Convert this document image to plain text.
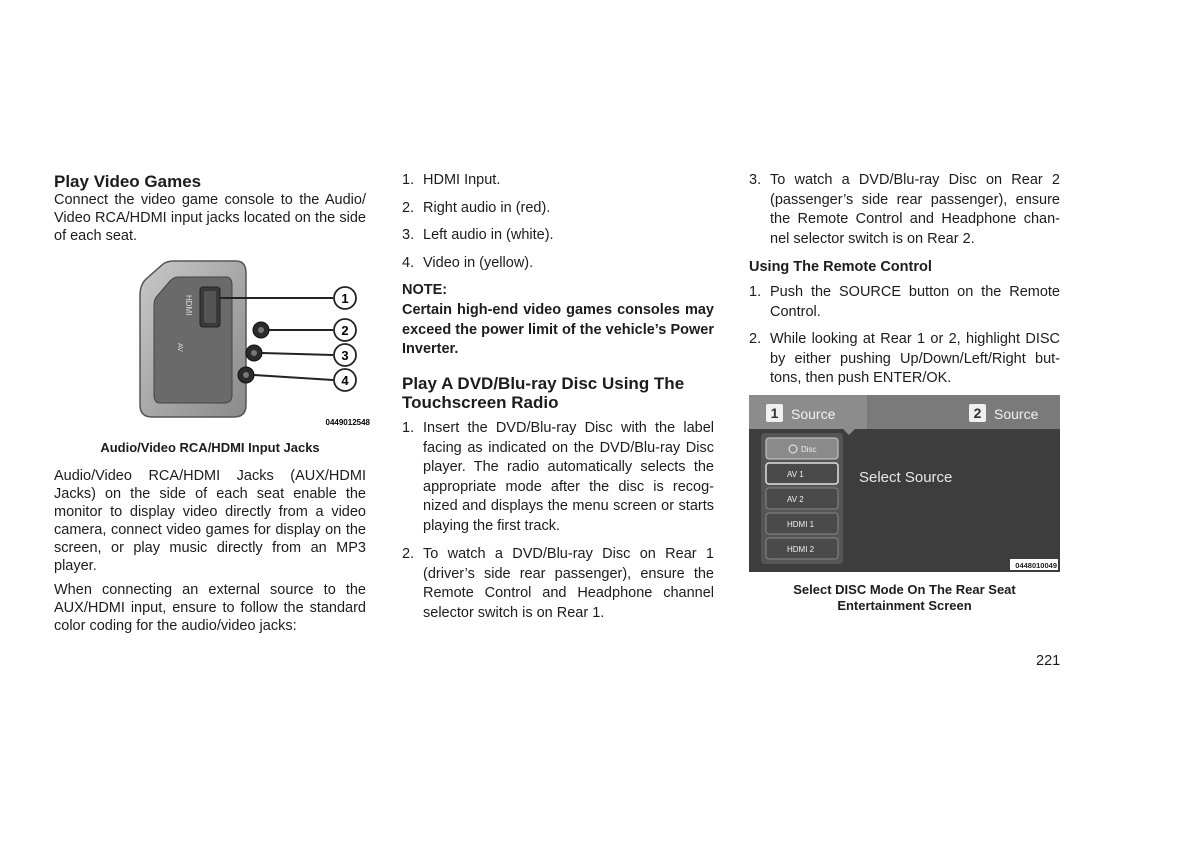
Play Video Games

Connect the video game console to the Audio/ Video RCA/HDMI input jacks located on the side of each seat.

1
2
3
4
HDMI
AV
0449012548
Audio/Video RCA/HDMI Input Jacks

Audio/Video RCA/HDMI Jacks (AUX/HDMI Jacks) on the side of each seat enable the monitor to display video directly from a video camera, connect video games for display on the screen, or play music directly from an MP3 player.

When connecting an external source to the AUX/HDMI input, ensure to follow the standard color coding for the audio/video jacks:

1. HDMI Input.
2. Right audio in (red).
3. Left audio in (white).
4. Video in (yellow).
NOTE:

Certain high-end video games consoles may exceed the power limit of the vehicle’s Power Inverter.

Play A DVD/Blu-ray Disc Using The
Touchscreen Radio
1. Insert the DVD/Blu-ray Disc with the label facing as indicated on the DVD/Blu-ray Disc player. The radio automatically selects the appropriate mode after the disc is recog-nized and displays the menu screen or starts playing the first track.
2. To watch a DVD/Blu-ray Disc on Rear 1 (driver’s side rear passenger), ensure the Remote Control and Headphone channel selector switch is on Rear 1.
3. To watch a DVD/Blu-ray Disc on Rear 2 (passenger’s side rear passenger), ensure the Remote Control and Headphone chan-nel selector switch is on Rear 2.
Using The Remote Control
1. Push the SOURCE button on the Remote Control.
2. While looking at Rear 1 or 2, highlight DISC by either pushing Up/Down/Left/Right but-tons, then push ENTER/OK.
1 Source	2 Source
Disc
AV 1
AV 2
HDMI 1
HDMI 2
Select Source
0448010049
Select DISC Mode On The Rear Seat
Entertainment Screen
221
